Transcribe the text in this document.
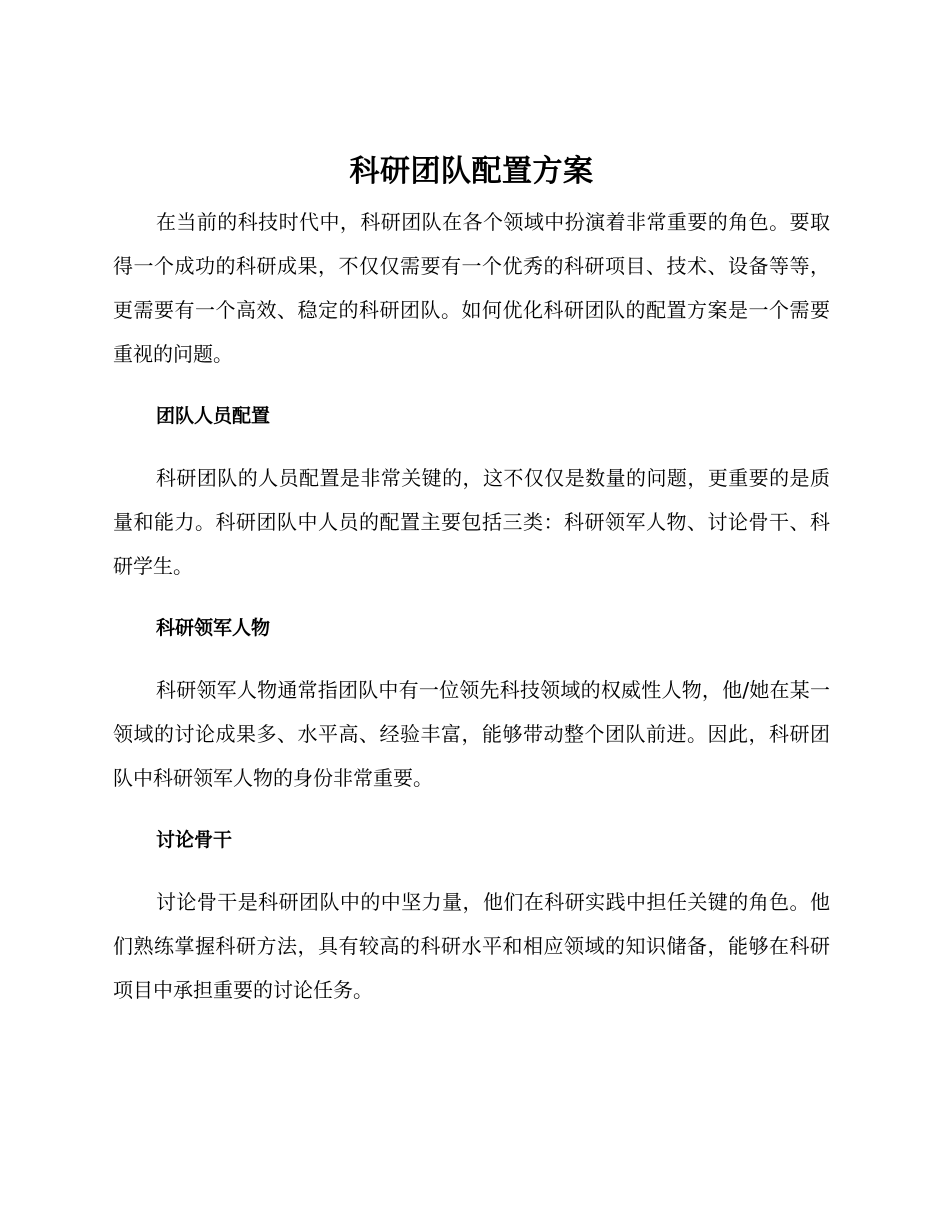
科研团队配置方案

在当前的科技时代中，科研团队在各个领域中扮演着非常重要的角色。要取得一个成功的科研成果，不仅仅需要有一个优秀的科研项目、技术、设备等等，更需要有一个高效、稳定的科研团队。如何优化科研团队的配置方案是一个需要重视的问题。

团队人员配置

科研团队的人员配置是非常关键的，这不仅仅是数量的问题，更重要的是质量和能力。科研团队中人员的配置主要包括三类：科研领军人物、讨论骨干、科研学生。

科研领军人物

科研领军人物通常指团队中有一位领先科技领域的权威性人物，他/她在某一领域的讨论成果多、水平高、经验丰富，能够带动整个团队前进。因此，科研团队中科研领军人物的身份非常重要。

讨论骨干

讨论骨干是科研团队中的中坚力量，他们在科研实践中担任关键的角色。他们熟练掌握科研方法，具有较高的科研水平和相应领域的知识储备，能够在科研项目中承担重要的讨论任务。
